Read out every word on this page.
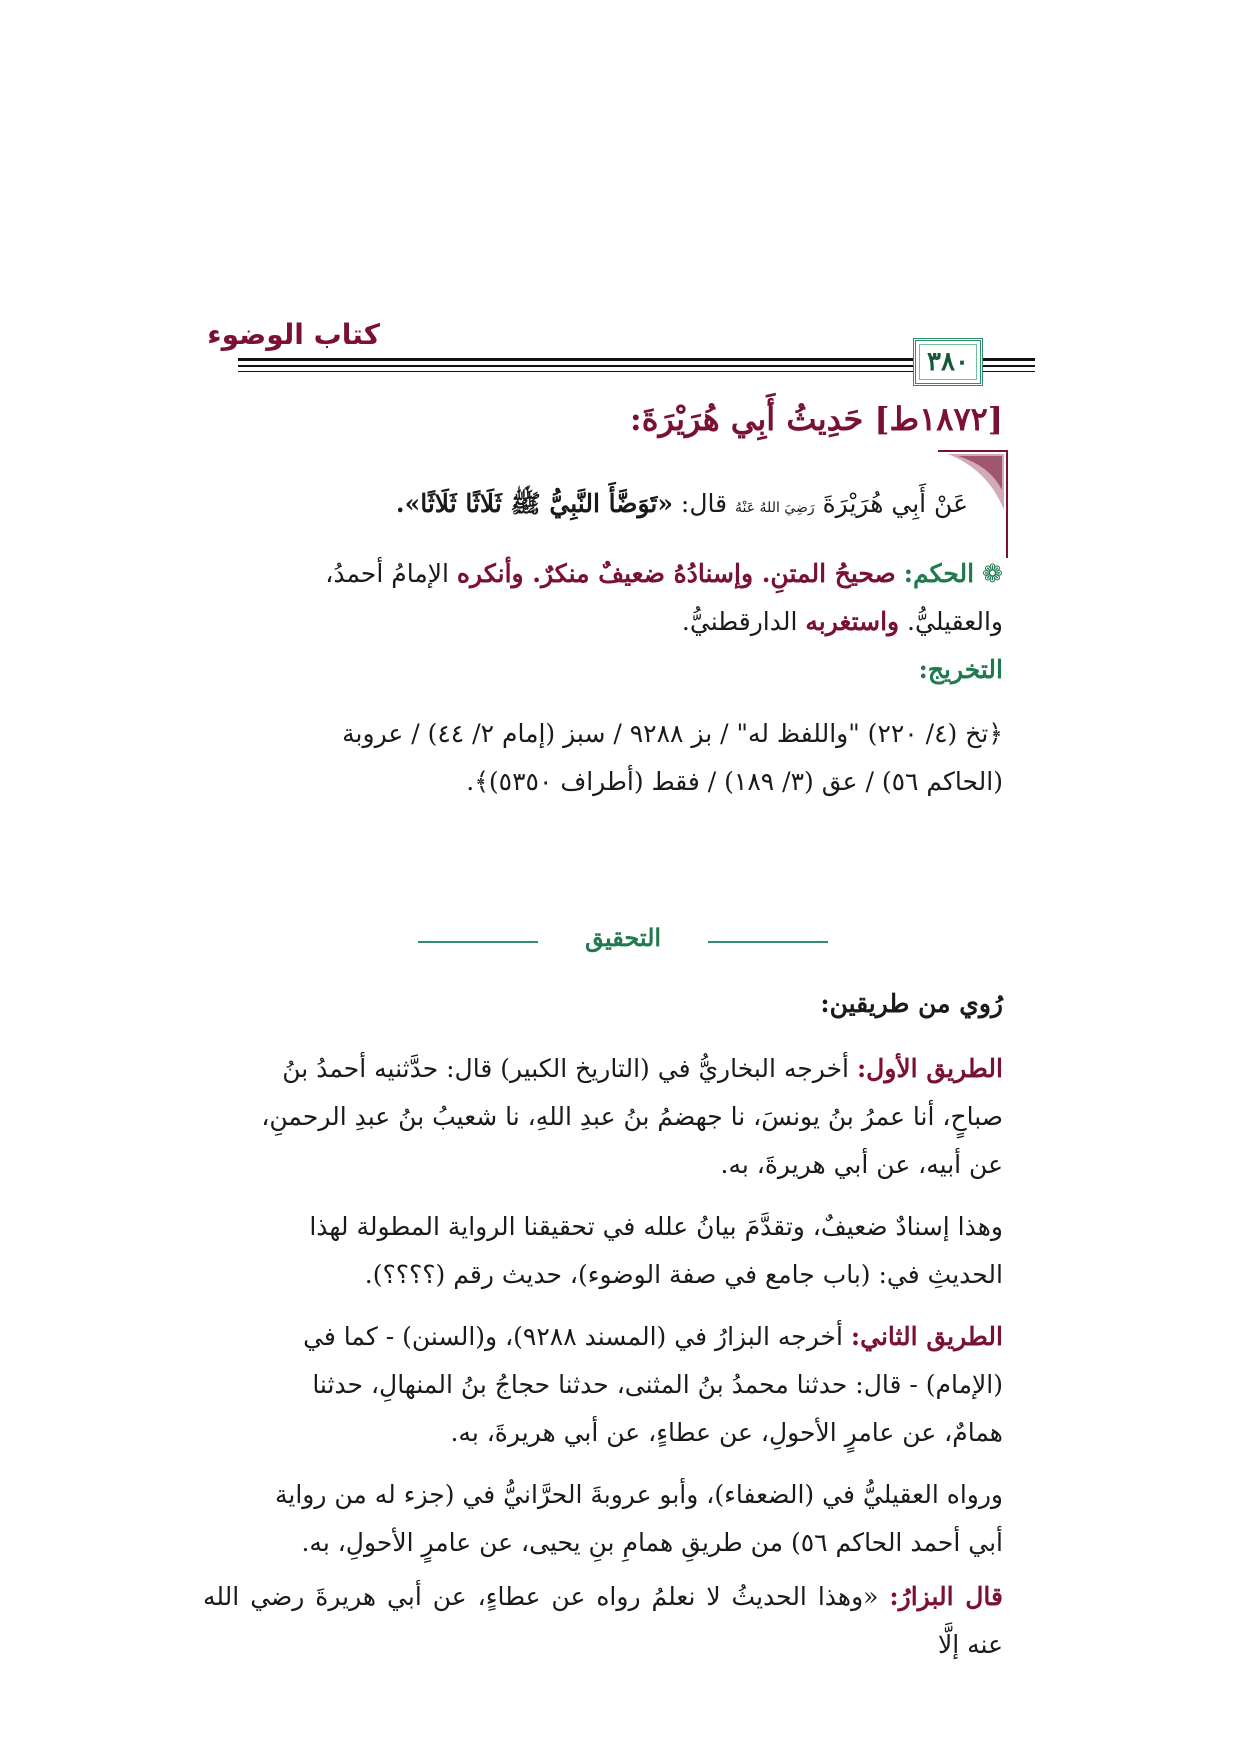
كتاب الوضوء
٣٨٠
[١٨٧٢ط] حَدِيثُ أَبِي هُرَيْرَةَ:
عَنْ أَبِي هُرَيْرَةَ رَضِيَ اللهُ عَنْهُ قال: «تَوَضَّأَ النَّبِيُّ ﷺ ثَلَاثًا ثَلَاثًا».
❁ الحكم: صحيحُ المتنِ. وإسنادُهُ ضعيفٌ منكرٌ. وأنكره الإمامُ أحمدُ،
والعقيليُّ. واستغربه الدارقطنيُّ.
التخريج:
﴿تخ (٤/ ٢٢٠) "واللفظ له" / بز ٩٢٨٨ / سبز (إمام ٢/ ٤٤) / عروبة
(الحاكم ٥٦) / عق (٣/ ١٨٩) / فقط (أطراف ٥٣٥٠)﴾.
التحقيق
رُوي من طريقين:
الطريق الأول: أخرجه البخاريُّ في (التاريخ الكبير) قال: حدَّثنيه أحمدُ بنُ
صباحٍ، أنا عمرُ بنُ يونسَ، نا جهضمُ بنُ عبدِ اللهِ، نا شعيبُ بنُ عبدِ الرحمنِ،
عن أبيه، عن أبي هريرةَ، به.
وهذا إسنادٌ ضعيفٌ، وتقدَّمَ بيانُ علله في تحقيقنا الرواية المطولة لهذا
الحديثِ في: (باب جامع في صفة الوضوء)، حديث رقم (؟؟؟؟).
الطريق الثاني: أخرجه البزارُ في (المسند ٩٢٨٨)، و(السنن) - كما في
(الإمام) - قال: حدثنا محمدُ بنُ المثنى، حدثنا حجاجُ بنُ المنهالِ، حدثنا
همامٌ، عن عامرٍ الأحولِ، عن عطاءٍ، عن أبي هريرةَ، به.
ورواه العقيليُّ في (الضعفاء)، وأبو عروبةَ الحرَّانيُّ في (جزء له من رواية
أبي أحمد الحاكم ٥٦) من طريقِ همامِ بنِ يحيى، عن عامرٍ الأحولِ، به.
قال البزارُ: «وهذا الحديثُ لا نعلمُ رواه عن عطاءٍ، عن أبي هريرةَ رضي الله عنه إلَّا
